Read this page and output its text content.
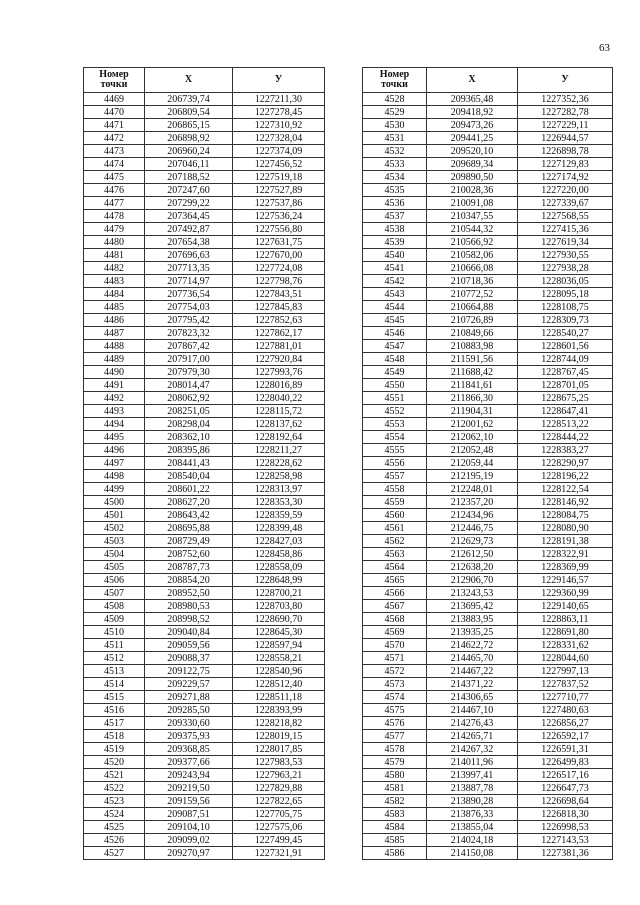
63
Номер
точки	Х	У
4469	206739,74	1227211,30
4470	206809,54	1227278,45
4471	206865,15	1227310,92
4472	206898,92	1227328,04
4473	206960,24	1227374,09
4474	207046,11	1227456,52
4475	207188,52	1227519,18
4476	207247,60	1227527,89
4477	207299,22	1227537,86
4478	207364,45	1227536,24
4479	207492,87	1227556,80
4480	207654,38	1227631,75
4481	207696,63	1227670,00
4482	207713,35	1227724,08
4483	207714,97	1227798,76
4484	207736,54	1227843,51
4485	207754,03	1227845,83
4486	207795,42	1227852,63
4487	207823,32	1227862,17
4488	207867,42	1227881,01
4489	207917,00	1227920,84
4490	207979,30	1227993,76
4491	208014,47	1228016,89
4492	208062,92	1228040,22
4493	208251,05	1228115,72
4494	208298,04	1228137,62
4495	208362,10	1228192,64
4496	208395,86	1228211,27
4497	208441,43	1228228,62
4498	208540,04	1228258,98
4499	208601,22	1228313,97
4500	208627,20	1228353,30
4501	208643,42	1228359,59
4502	208695,88	1228399,48
4503	208729,49	1228427,03
4504	208752,60	1228458,86
4505	208787,73	1228558,09
4506	208854,20	1228648,99
4507	208952,50	1228700,21
4508	208980,53	1228703,80
4509	208998,52	1228690,70
4510	209040,84	1228645,30
4511	209059,56	1228597,94
4512	209088,37	1228558,21
4513	209122,75	1228540,96
4514	209229,57	1228512,40
4515	209271,88	1228511,18
4516	209285,50	1228393,99
4517	209330,60	1228218,82
4518	209375,93	1228019,15
4519	209368,85	1228017,85
4520	209377,66	1227983,53
4521	209243,94	1227963,21
4522	209219,50	1227829,88
4523	209159,56	1227822,65
4524	209087,51	1227705,75
4525	209104,10	1227575,06
4526	209099,02	1227499,45
4527	209270,97	1227321,91
Номер
точки	Х	У
4528	209365,48	1227352,36
4529	209418,92	1227282,78
4530	209473,26	1227229,11
4531	209441,25	1226944,57
4532	209520,10	1226898,78
4533	209689,34	1227129,83
4534	209890,50	1227174,92
4535	210028,36	1227220,00
4536	210091,08	1227339,67
4537	210347,55	1227568,55
4538	210544,32	1227415,36
4539	210566,92	1227619,34
4540	210582,06	1227930,55
4541	210666,08	1227938,28
4542	210718,36	1228036,05
4543	210772,52	1228095,18
4544	210664,88	1228108,75
4545	210726,89	1228309,73
4546	210849,66	1228540,27
4547	210883,98	1228601,56
4548	211591,56	1228744,09
4549	211688,42	1228767,45
4550	211841,61	1228701,05
4551	211866,30	1228675,25
4552	211904,31	1228647,41
4553	212001,62	1228513,22
4554	212062,10	1228444,22
4555	212052,48	1228383,27
4556	212059,44	1228290,97
4557	212195,19	1228196,22
4558	212248,01	1228122,54
4559	212357,20	1228146,92
4560	212434,96	1228084,75
4561	212446,75	1228080,90
4562	212629,73	1228191,38
4563	212612,50	1228322,91
4564	212638,20	1228369,99
4565	212906,70	1229146,57
4566	213243,53	1229360,99
4567	213695,42	1229140,65
4568	213883,95	1228863,11
4569	213935,25	1228691,80
4570	214622,72	1228331,62
4571	214465,70	1228044,60
4572	214467,22	1227997,13
4573	214371,22	1227837,52
4574	214306,65	1227710,77
4575	214467,10	1227480,63
4576	214276,43	1226856,27
4577	214265,71	1226592,17
4578	214267,32	1226591,31
4579	214011,96	1226499,83
4580	213997,41	1226517,16
4581	213887,78	1226647,73
4582	213890,28	1226698,64
4583	213876,33	1226818,30
4584	213855,04	1226998,53
4585	214024,18	1227143,53
4586	214150,08	1227381,36
